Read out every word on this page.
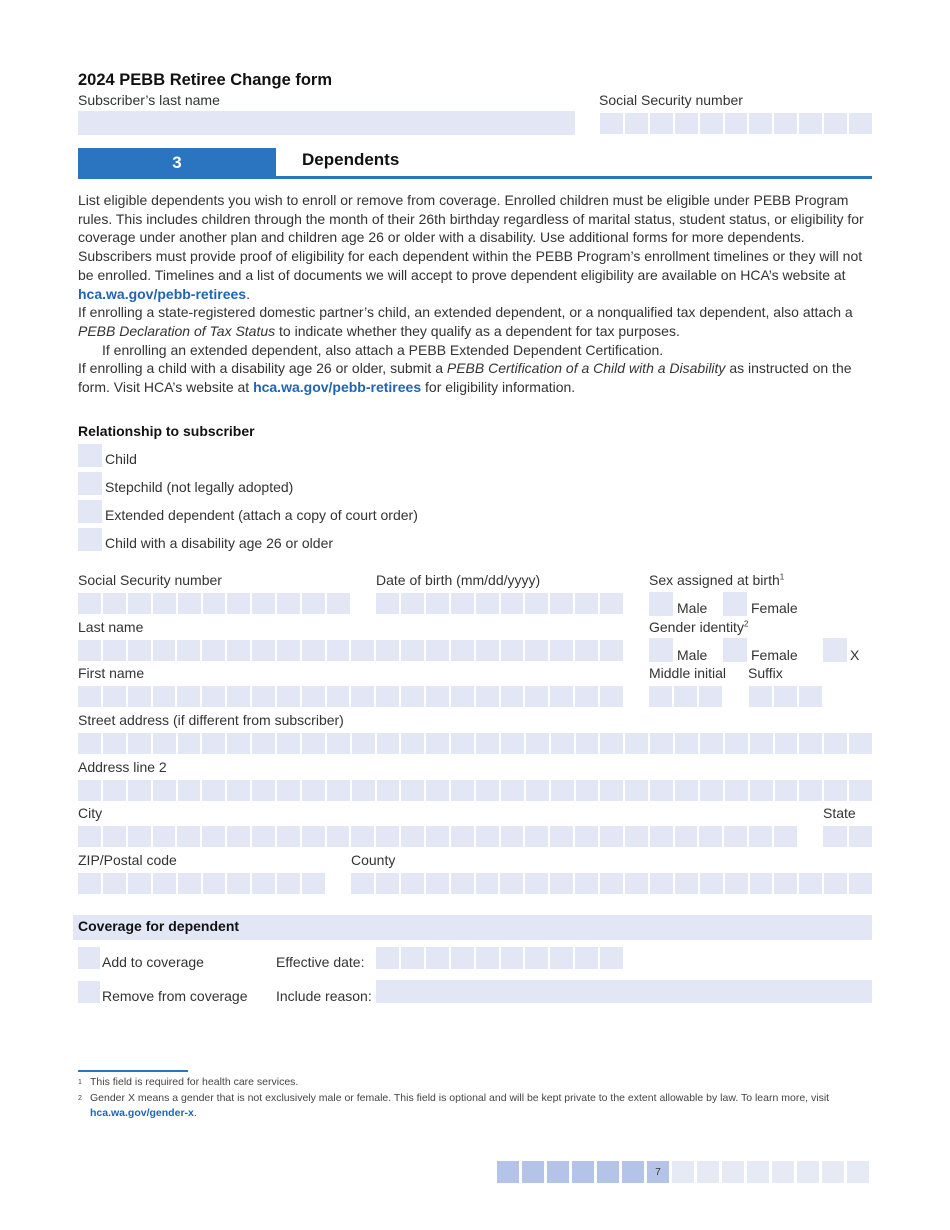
2024 PEBB Retiree Change form
Subscriber’s last name	Social Security number
3	Dependents

List eligible dependents you wish to enroll or remove from coverage. Enrolled children must be eligible under PEBB Program rules. This includes children through the month of their 26th birthday regardless of marital status, student status, or eligibility for coverage under another plan and children age 26 or older with a disability. Use additional forms for more dependents. Subscribers must provide proof of eligibility for each dependent within the PEBB Program’s enrollment timelines or they will not be enrolled. Timelines and a list of documents we will accept to prove dependent eligibility are available on HCA’s website at hca.wa.gov/pebb-retirees.

If enrolling a state-registered domestic partner’s child, an extended dependent, or a nonqualified tax dependent, also attach a PEBB Declaration of Tax Status to indicate whether they qualify as a dependent for tax purposes.

If enrolling an extended dependent, also attach a PEBB Extended Dependent Certification.

If enrolling a child with a disability age 26 or older, submit a PEBB Certification of a Child with a Disability as instructed on the form. Visit HCA’s website at hca.wa.gov/pebb-retirees for eligibility information.

Relationship to subscriber
Child
Stepchild (not legally adopted)
Extended dependent (attach a copy of court order)
Child with a disability age 26 or older
Social Security number	Date of birth (mm/dd/yyyy)	Sex assigned at birth$^1$
Male	Female
Last name	Gender identity$^2$
Male	Female	X
First name	Middle initial Suffix
Street address (if different from subscriber)
Address line 2
City	State
ZIP/Postal code	County
Coverage for dependent
Add to coverage	Effective date:
Remove from coverage Include reason:
$^1$ This field is required for health care services.
$^2$ Gender X means a gender that is not exclusively male or female. This field is optional and will be kept private to the extent allowable by law. To learn more, visit hca.wa.gov/gender-x.
7
